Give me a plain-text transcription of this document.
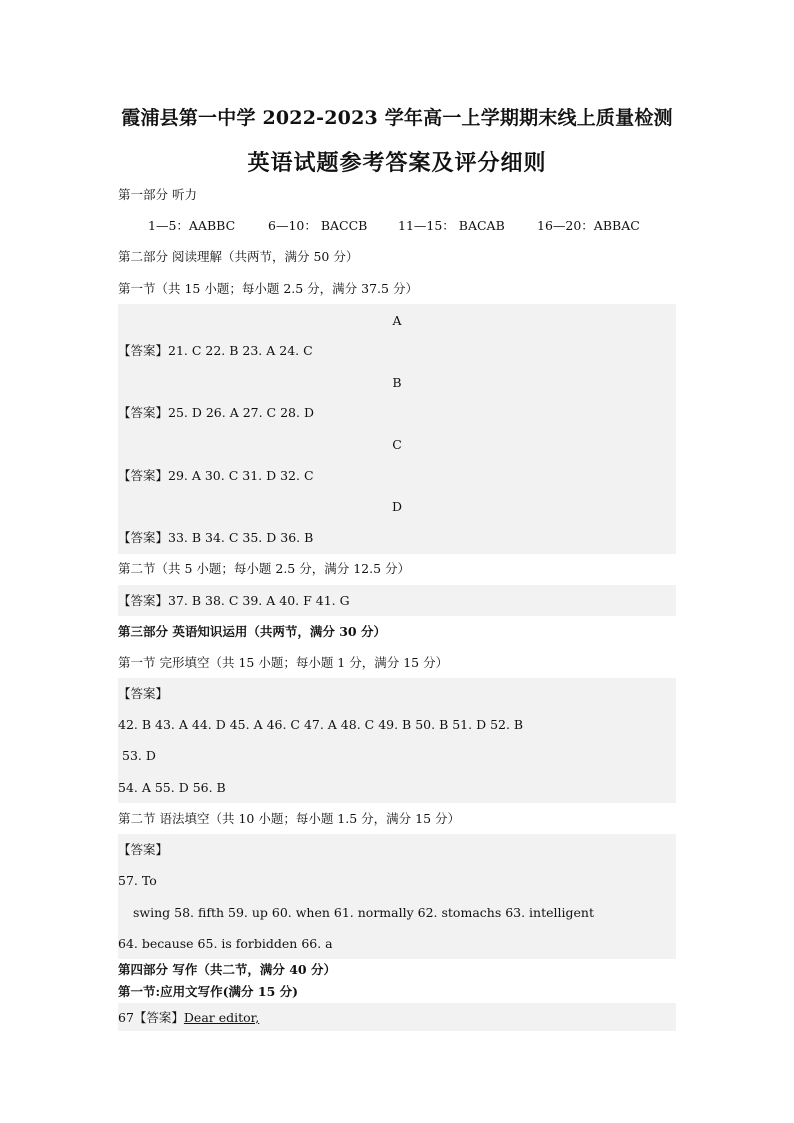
霞浦县第一中学 2022-2023 学年高一上学期期末线上质量检测
英语试题参考答案及评分细则
第一部分 听力
1—5：AABBC	6—10： BACCB 11—15： BACAB	16—20：ABBAC
第二部分 阅读理解（共两节，满分 50 分）
第一节（共 15 小题；每小题 2.5 分，满分 37.5 分）
A
【答案】21. C 22. B 23. A 24. C
B
【答案】25. D 26. A 27. C 28. D
C
【答案】29. A 30. C 31. D 32. C
D
【答案】33. B 34. C 35. D 36. B
第二节（共 5 小题；每小题 2.5 分，满分 12.5 分）
【答案】37. B 38. C 39. A 40. F 41. G
第三部分 英语知识运用（共两节，满分 30 分）
第一节 完形填空（共 15 小题；每小题 1 分，满分 15 分）
【答案】
42. B 43. A 44. D 45. A 46. C 47. A 48. C 49. B 50. B 51. D 52. B
53. D
54. A 55. D 56. B
第二节 语法填空（共 10 小题；每小题 1.5 分，满分 15 分）
【答案】
57. To
swing 58. fifth 59. up 60. when 61. normally 62. stomachs 63. intelligent
64. because 65. is forbidden 66. a
第四部分 写作（共二节，满分 40 分）
第一节:应用文写作(满分 15 分)
67【答案】Dear editor,
